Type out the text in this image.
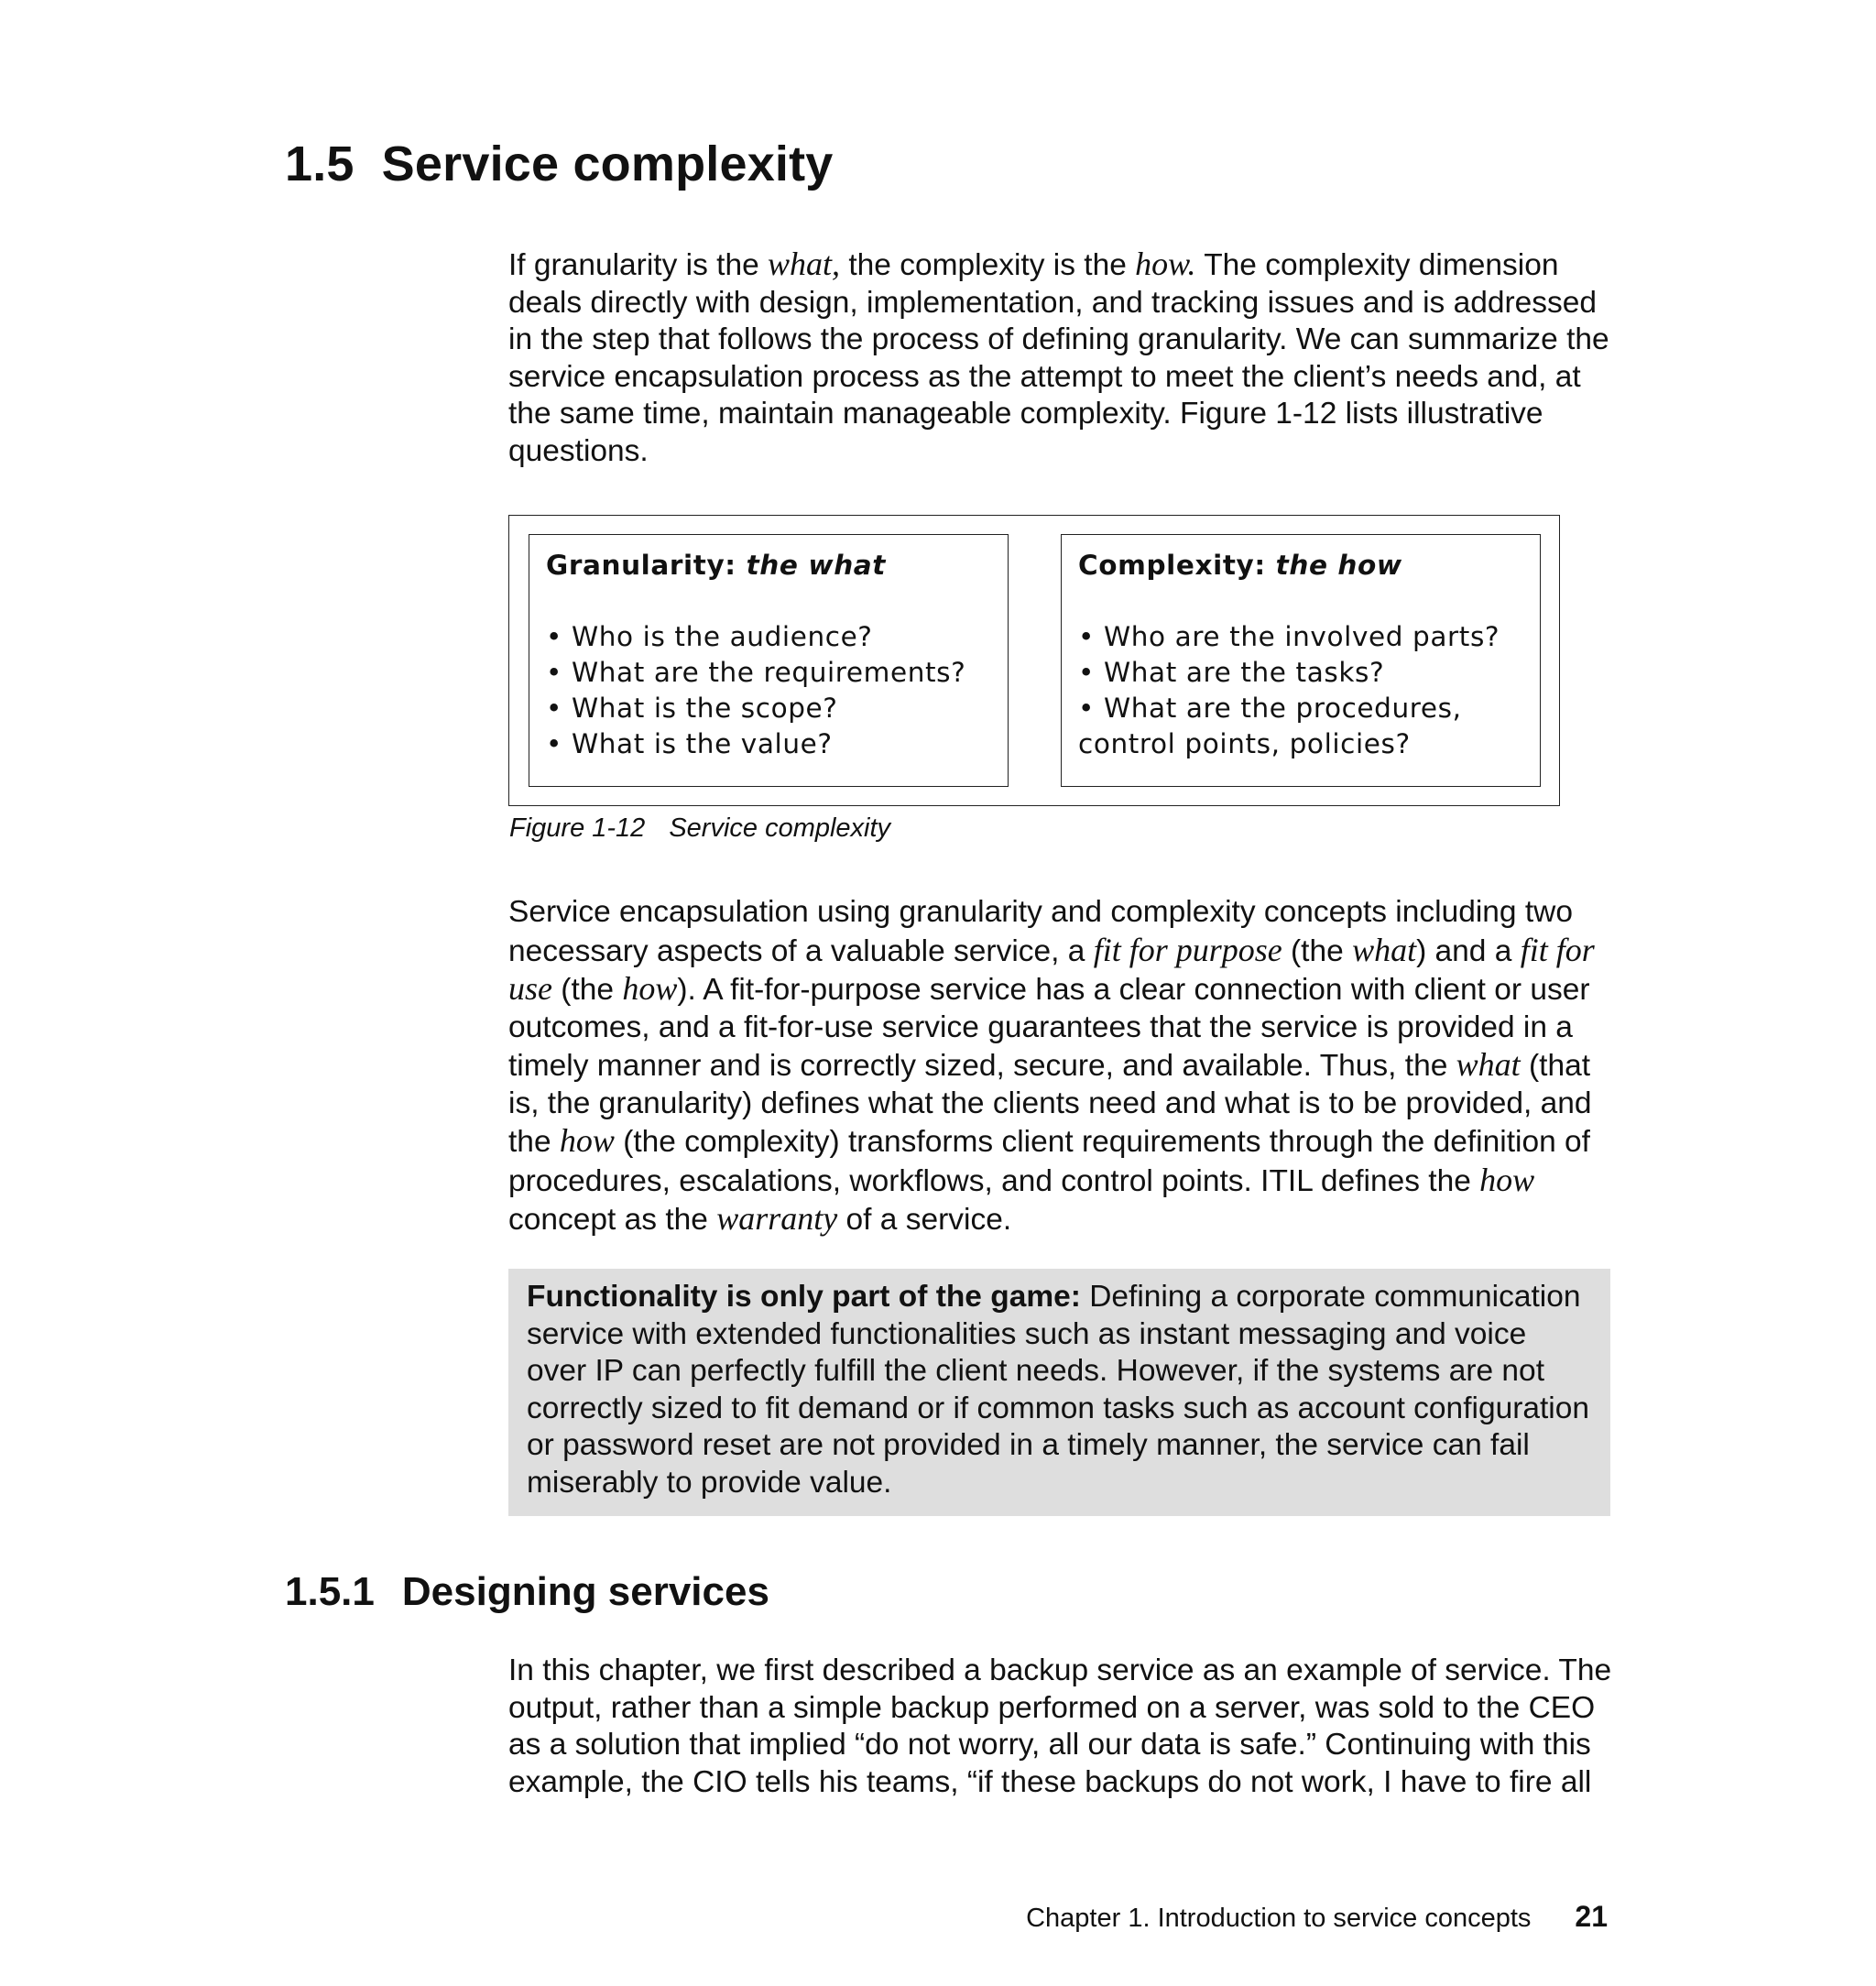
1.5 Service complexity

If granularity is the what, the complexity is the how. The complexity dimension deals directly with design, implementation, and tracking issues and is addressed in the step that follows the process of defining granularity. We can summarize the service encapsulation process as the attempt to meet the client’s needs and, at the same time, maintain manageable complexity. Figure 1-12 lists illustrative questions.

Granularity: the what
• Who is the audience?
• What are the requirements?
• What is the scope?
• What is the value?
Complexity: the how
• Who are the involved parts?
• What are the tasks?
• What are the procedures,
control points, policies?
Figure 1-12 Service complexity

Service encapsulation using granularity and complexity concepts including two necessary aspects of a valuable service, a fit for purpose (the what) and a fit for use (the how). A fit-for-purpose service has a clear connection with client or user outcomes, and a fit-for-use service guarantees that the service is provided in a timely manner and is correctly sized, secure, and available. Thus, the what (that is, the granularity) defines what the clients need and what is to be provided, and the how (the complexity) transforms client requirements through the definition of procedures, escalations, workflows, and control points. ITIL defines the how concept as the warranty of a service.

Functionality is only part of the game: Defining a corporate communication service with extended functionalities such as instant messaging and voice over IP can perfectly fulfill the client needs. However, if the systems are not correctly sized to fit demand or if common tasks such as account configuration or password reset are not provided in a timely manner, the service can fail miserably to provide value.
1.5.1 Designing services

In this chapter, we first described a backup service as an example of service. The output, rather than a simple backup performed on a server, was sold to the CEO as a solution that implied “do not worry, all our data is safe.” Continuing with this example, the CIO tells his teams, “if these backups do not work, I have to fire all

Chapter 1. Introduction to service concepts 21
